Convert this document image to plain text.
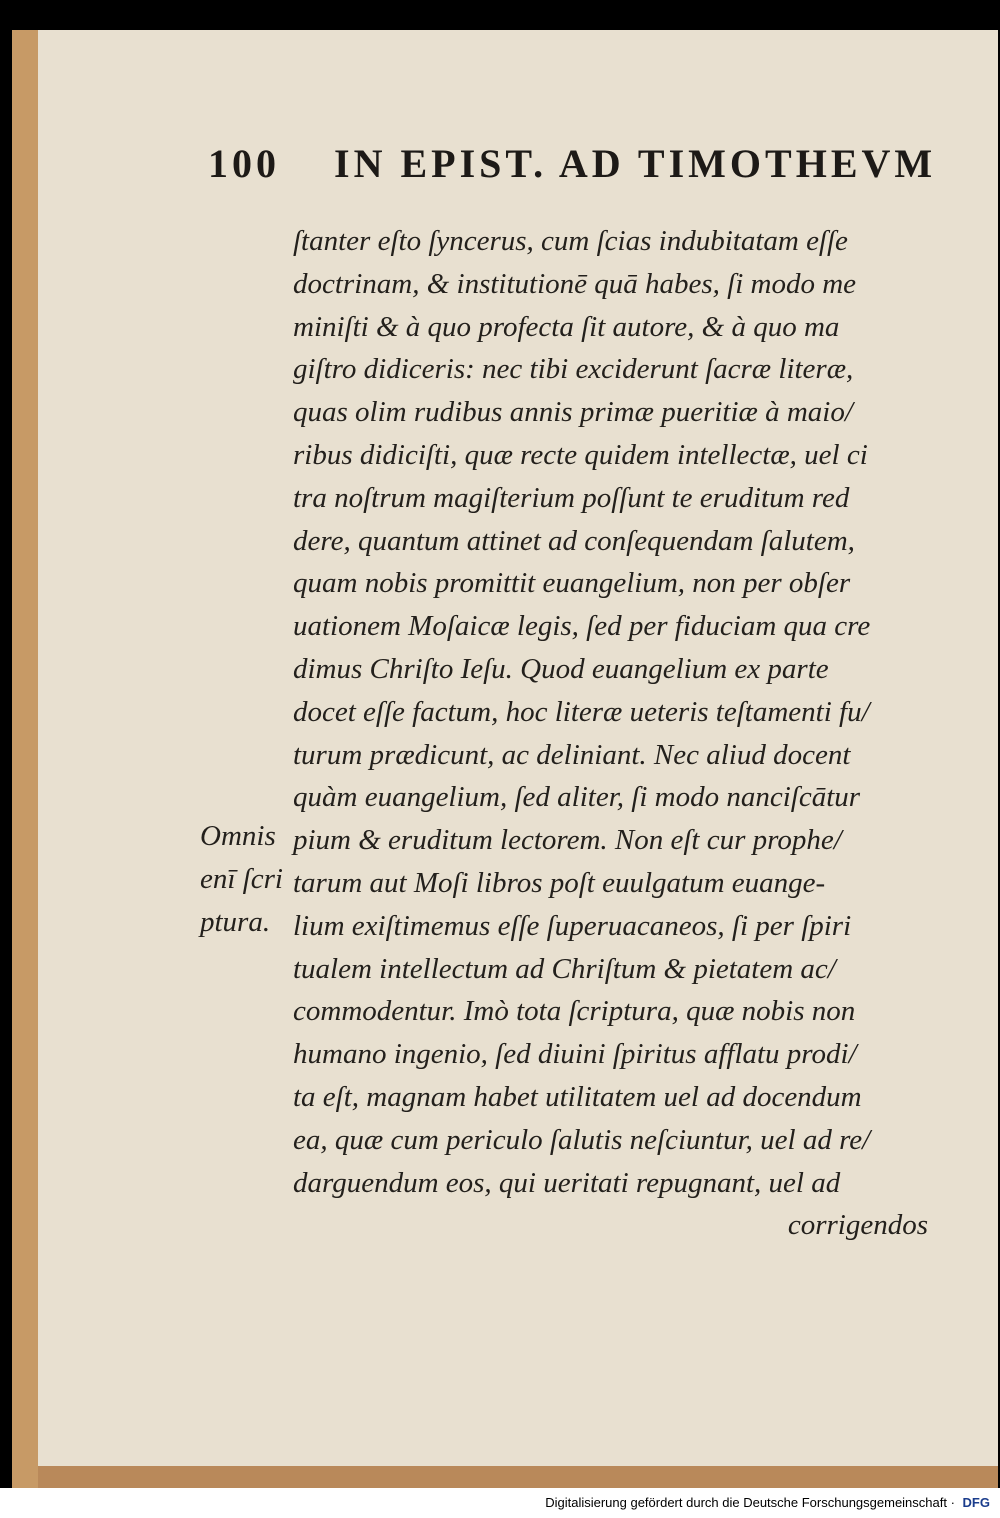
100 IN EPIST. AD TIMOTHEVM
Omnis
enī ſcri
ptura.
ſtanter eſto ſyncerus, cum ſcias indubitatam eſſe
doctrinam, & institutionē quā habes, ſi modo me
miniſti & à quo profecta ſit autore, & à quo ma
giſtro didiceris: nec tibi exciderunt ſacræ literæ,
quas olim rudibus annis primæ pueritiæ à maio/
ribus didiciſti, quæ recte quidem intellectæ, uel ci
tra noſtrum magiſterium poſſunt te eruditum red
dere, quantum attinet ad conſequendam ſalutem,
quam nobis promittit euangelium, non per obſer
uationem Moſaicæ legis, ſed per fiduciam qua cre
dimus Chriſto Ieſu. Quod euangelium ex parte
docet eſſe factum, hoc literæ ueteris teſtamenti fu/
turum prædicunt, ac deliniant. Nec aliud docent
quàm euangelium, ſed aliter, ſi modo nanciſcātur
pium & eruditum lectorem. Non eſt cur prophe/
tarum aut Moſi libros poſt euulgatum euange-
lium exiſtimemus eſſe ſuperuacaneos, ſi per ſpiri
tualem intellectum ad Chriſtum & pietatem ac/
commodentur. Imò tota ſcriptura, quæ nobis non
humano ingenio, ſed diuini ſpiritus afflatu prodi/
ta eſt, magnam habet utilitatem uel ad docendum
ea, quæ cum periculo ſalutis neſciuntur, uel ad re/
darguendum eos, qui ueritati repugnant, uel ad
corrigendos
Digitalisierung gefördert durch die Deutsche Forschungsgemeinschaft · DFG
